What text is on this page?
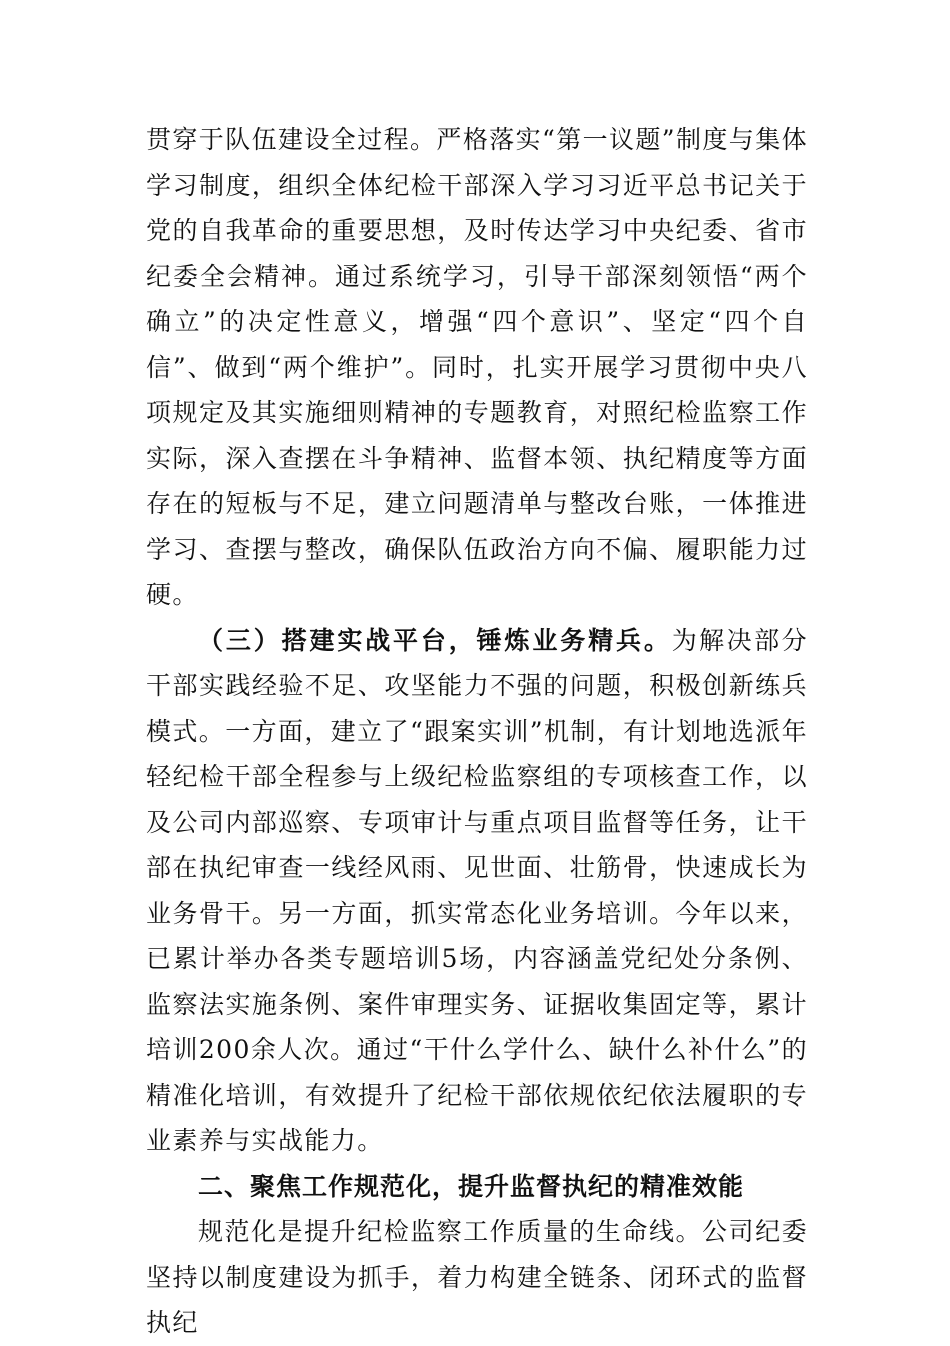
贯穿于队伍建设全过程。严格落实“第一议题”制度与集体学习制度，组织全体纪检干部深入学习习近平总书记关于党的自我革命的重要思想，及时传达学习中央纪委、省市纪委全会精神。通过系统学习，引导干部深刻领悟“两个确立”的决定性意义，增强“四个意识”、坚定“四个自信”、做到“两个维护”。同时，扎实开展学习贯彻中央八项规定及其实施细则精神的专题教育，对照纪检监察工作实际，深入查摆在斗争精神、监督本领、执纪精度等方面存在的短板与不足，建立问题清单与整改台账，一体推进学习、查摆与整改，确保队伍政治方向不偏、履职能力过硬。

（三）搭建实战平台，锤炼业务精兵。为解决部分干部实践经验不足、攻坚能力不强的问题，积极创新练兵模式。一方面，建立了“跟案实训”机制，有计划地选派年轻纪检干部全程参与上级纪检监察组的专项核查工作，以及公司内部巡察、专项审计与重点项目监督等任务，让干部在执纪审查一线经风雨、见世面、壮筋骨，快速成长为业务骨干。另一方面，抓实常态化业务培训。今年以来，已累计举办各类专题培训5场，内容涵盖党纪处分条例、监察法实施条例、案件审理实务、证据收集固定等，累计培训200余人次。通过“干什么学什么、缺什么补什么”的精准化培训，有效提升了纪检干部依规依纪依法履职的专业素养与实战能力。

二、聚焦工作规范化，提升监督执纪的精准效能

规范化是提升纪检监察工作质量的生命线。公司纪委坚持以制度建设为抓手，着力构建全链条、闭环式的监督执纪
